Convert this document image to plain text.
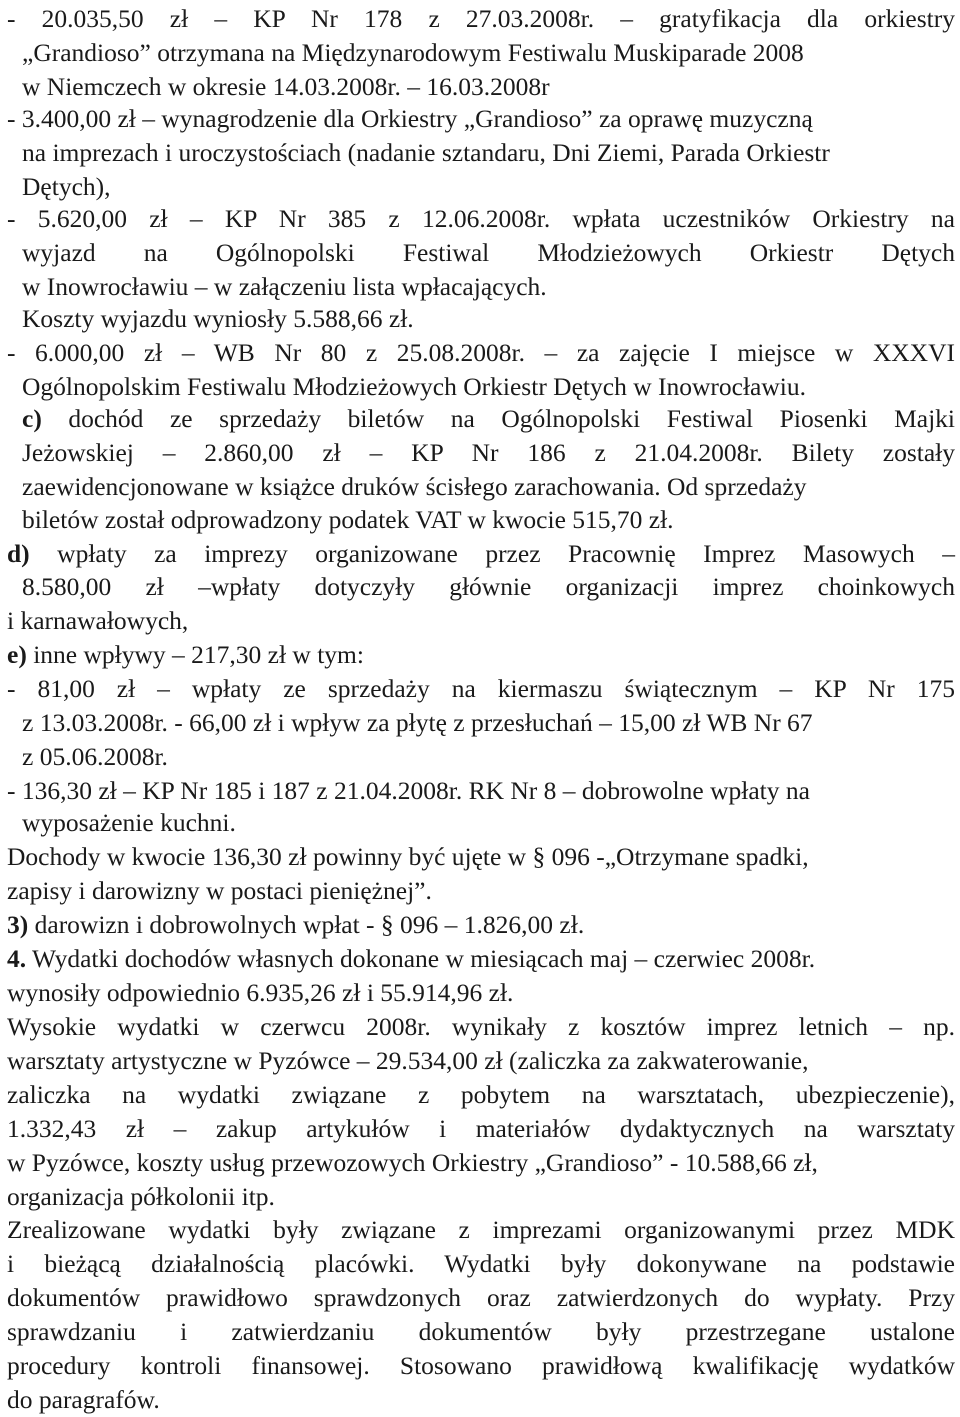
- 20.035,50 zł – KP Nr 178 z 27.03.2008r. – gratyfikacja dla orkiestry
„Grandioso” otrzymana na Międzynarodowym Festiwalu Muskiparade 2008
w Niemczech w okresie 14.03.2008r. – 16.03.2008r
- 3.400,00 zł – wynagrodzenie dla Orkiestry „Grandioso” za oprawę muzyczną
na imprezach i uroczystościach (nadanie sztandaru, Dni Ziemi, Parada Orkiestr
Dętych),
- 5.620,00 zł – KP Nr 385 z 12.06.2008r. wpłata uczestników Orkiestry na
wyjazd na Ogólnopolski Festiwal Młodzieżowych Orkiestr Dętych
w Inowrocławiu – w załączeniu lista wpłacających.
Koszty wyjazdu wyniosły 5.588,66 zł.
- 6.000,00 zł – WB Nr 80 z 25.08.2008r. – za zajęcie I miejsce w XXXVI
Ogólnopolskim Festiwalu Młodzieżowych Orkiestr Dętych w Inowrocławiu.
c) dochód ze sprzedaży biletów na Ogólnopolski Festiwal Piosenki Majki
Jeżowskiej – 2.860,00 zł – KP Nr 186 z 21.04.2008r. Bilety zostały
zaewidencjonowane w książce druków ścisłego zarachowania. Od sprzedaży
biletów został odprowadzony podatek VAT w kwocie 515,70 zł.
d) wpłaty za imprezy organizowane przez Pracownię Imprez Masowych –
8.580,00 zł –wpłaty dotyczyły głównie organizacji imprez choinkowych
i karnawałowych,
e) inne wpływy – 217,30 zł w tym:
- 81,00 zł – wpłaty ze sprzedaży na kiermaszu świątecznym – KP Nr 175
z 13.03.2008r. - 66,00 zł i wpływ za płytę z przesłuchań – 15,00 zł WB Nr 67
z 05.06.2008r.
- 136,30 zł – KP Nr 185 i 187 z 21.04.2008r. RK Nr 8 – dobrowolne wpłaty na
wyposażenie kuchni.
Dochody w kwocie 136,30 zł powinny być ujęte w § 096 -„Otrzymane spadki,
zapisy i darowizny w postaci pieniężnej”.
3) darowizn i dobrowolnych wpłat - § 096 – 1.826,00 zł.
4. Wydatki dochodów własnych dokonane w miesiącach maj – czerwiec 2008r.
wynosiły odpowiednio 6.935,26 zł i 55.914,96 zł.
Wysokie wydatki w czerwcu 2008r. wynikały z kosztów imprez letnich – np.
warsztaty artystyczne w Pyzówce – 29.534,00 zł (zaliczka za zakwaterowanie,
zaliczka na wydatki związane z pobytem na warsztatach, ubezpieczenie),
1.332,43 zł – zakup artykułów i materiałów dydaktycznych na warsztaty
w Pyzówce, koszty usług przewozowych Orkiestry „Grandioso” - 10.588,66 zł,
organizacja półkolonii itp.
Zrealizowane wydatki były związane z imprezami organizowanymi przez MDK
i bieżącą działalnością placówki. Wydatki były dokonywane na podstawie
dokumentów prawidłowo sprawdzonych oraz zatwierdzonych do wypłaty. Przy
sprawdzaniu i zatwierdzaniu dokumentów były przestrzegane ustalone
procedury kontroli finansowej. Stosowano prawidłową kwalifikację wydatków
do paragrafów.
